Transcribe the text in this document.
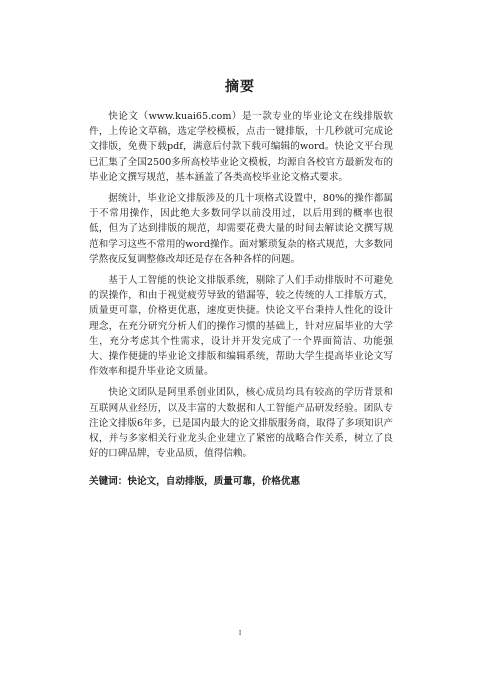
摘要

快论文（www.kuai65.com）是一款专业的毕业论文在线排版软件，上传论文草稿，选定学校模板，点击一键排版，十几秒就可完成论文排版，免费下载pdf，满意后付款下载可编辑的word。快论文平台现已汇集了全国2500多所高校毕业论文模板，均源自各校官方最新发布的毕业论文撰写规范，基本涵盖了各类高校毕业论文格式要求。

据统计，毕业论文排版涉及的几十项格式设置中，80%的操作都属于不常用操作，因此绝大多数同学以前没用过，以后用到的概率也很低，但为了达到排版的规范，却需要花费大量的时间去解读论文撰写规范和学习这些不常用的word操作。面对繁琐复杂的格式规范，大多数同学熬夜反复调整修改却还是存在各种各样的问题。

基于人工智能的快论文排版系统，剔除了人们手动排版时不可避免的误操作，和由于视觉疲劳导致的错漏等，较之传统的人工排版方式，质量更可靠，价格更优惠，速度更快捷。快论文平台秉持人性化的设计理念，在充分研究分析人们的操作习惯的基础上，针对应届毕业的大学生，充分考虑其个性需求，设计并开发完成了一个界面简洁、功能强大、操作便捷的毕业论文排版和编辑系统，帮助大学生提高毕业论文写作效率和提升毕业论文质量。

快论文团队是阿里系创业团队，核心成员均具有较高的学历背景和互联网从业经历，以及丰富的大数据和人工智能产品研发经验。团队专注论文排版6年多，已是国内最大的论文排版服务商，取得了多项知识产权，并与多家相关行业龙头企业建立了紧密的战略合作关系，树立了良好的口碑品牌，专业品质，值得信赖。

关键词：快论文，自动排版，质量可靠，价格优惠
I
